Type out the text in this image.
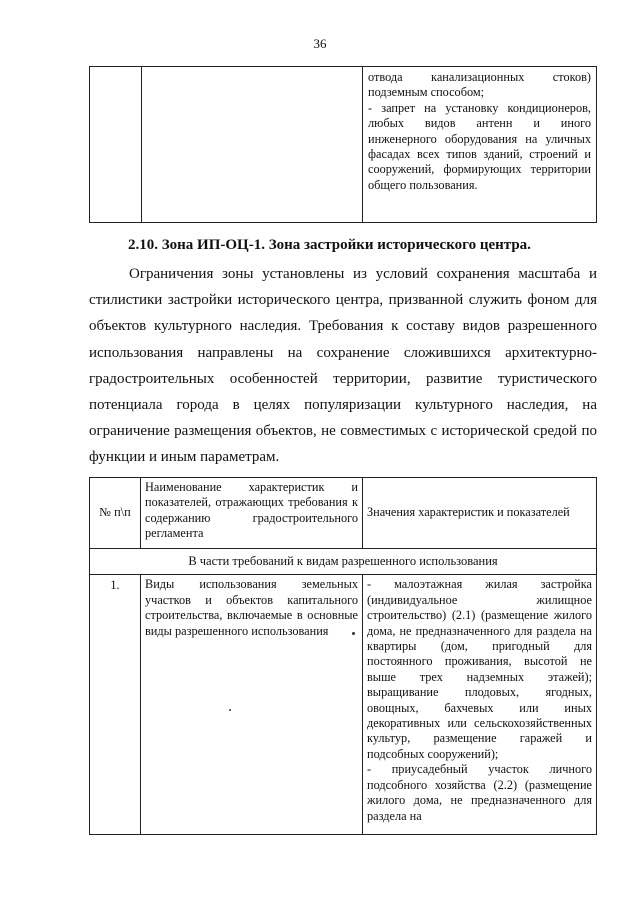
36
		отвода канализационных стоков) подземным способом;
- запрет на установку кондиционеров, любых видов антенн и иного инженерного оборудования на уличных фасадах всех типов зданий, строений и сооружений, формирующих территории общего пользования.
2.10. Зона ИП-ОЦ-1. Зона застройки исторического центра.

Ограничения зоны установлены из условий сохранения масштаба и стилистики застройки исторического центра, призванной служить фоном для объектов культурного наследия. Требования к составу видов разрешенного использования направлены на сохранение сложившихся архитектурно-градостроительных особенностей территории, развитие туристического потенциала города в целях популяризации культурного наследия, на ограничение размещения объектов, не совместимых с исторической средой по функции и иным параметрам.

№ п\п	Наименование характеристик и показателей, отражающих требования к содержанию градостроительного регламента	Значения характеристик и показателей
В части требований к видам разрешенного использования		
1.	Виды использования земельных участков и объектов капитального строительства, включаемые в основные виды разрешенного использования	- малоэтажная жилая застройка (индивидуальное жилищное строительство) (2.1) (размещение жилого дома, не предназначенного для раздела на квартиры (дом, пригодный для постоянного проживания, высотой не выше трех надземных этажей); выращивание плодовых, ягодных, овощных, бахчевых или иных декоративных или сельскохозяйственных культур, размещение гаражей и подсобных сооружений);
- приусадебный участок личного подсобного хозяйства (2.2) (размещение жилого дома, не предназначенного для раздела на
